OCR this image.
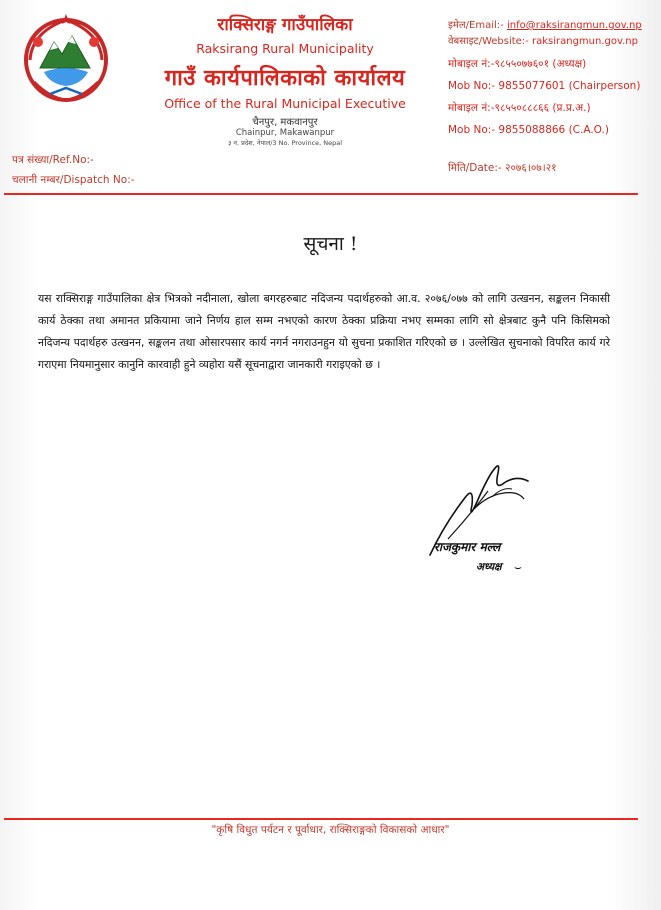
राक्सिराङ्ग गाउँपालिका
Raksirang Rural Municipality
गाउँ कार्यपालिकाको कार्यालय
Office of the Rural Municipal Executive
चैनपुर, मकवानपुर
Chainpur, Makawanpur
३ न. प्रदेश, नेपाल/3 No. Province, Nepal
इमेल/Email:- info@raksirangmun.gov.np
वेबसाइट/Website:- raksirangmun.gov.np
मोबाइल नं:-९८५५०७७६०१ (अध्यक्ष)
Mob No:- 9855077601 (Chairperson)
मोबाइल नं:-९८५५०८८८६६ (प्र.प्र.अ.)
Mob No:- 9855088866 (C.A.O.)
पत्र संख्या/Ref.No:-
चलानी नम्बर/Dispatch No:-
मिति/Date:- २०७६।०७।२१
सूचना !
यस राक्सिराङ्ग गाउँपालिका क्षेत्र भित्रको नदीनाला, खोला बगरहरुबाट नदिजन्य पदार्थहरुको आ.व. २०७६/०७७ को लागि उत्खनन, सङ्कलन निकासी कार्य ठेक्का तथा अमानत प्रकियामा जाने निर्णय हाल सम्म नभएको कारण ठेक्का प्रक्रिया नभए सम्मका लागि सो क्षेत्रबाट कुनै पनि किसिमको नदिजन्य पदार्थहरु उत्खनन, सङ्कलन तथा ओसारपसार कार्य नगर्न नगराउनहुन यो सुचना प्रकाशित गरिएको छ । उल्लेखित सुचनाको विपरित कार्य गरे गराएमा नियमानुसार कानुनि कारवाही हुने व्यहोरा यसैं सूचनाद्वारा जानकारी गराइएको छ ।
राजकुमार मल्ल
अध्यक्ष ⌣
"कृषि विधुत पर्यटन र पूर्वाधार, राक्सिराङ्गको विकासको आधार"
